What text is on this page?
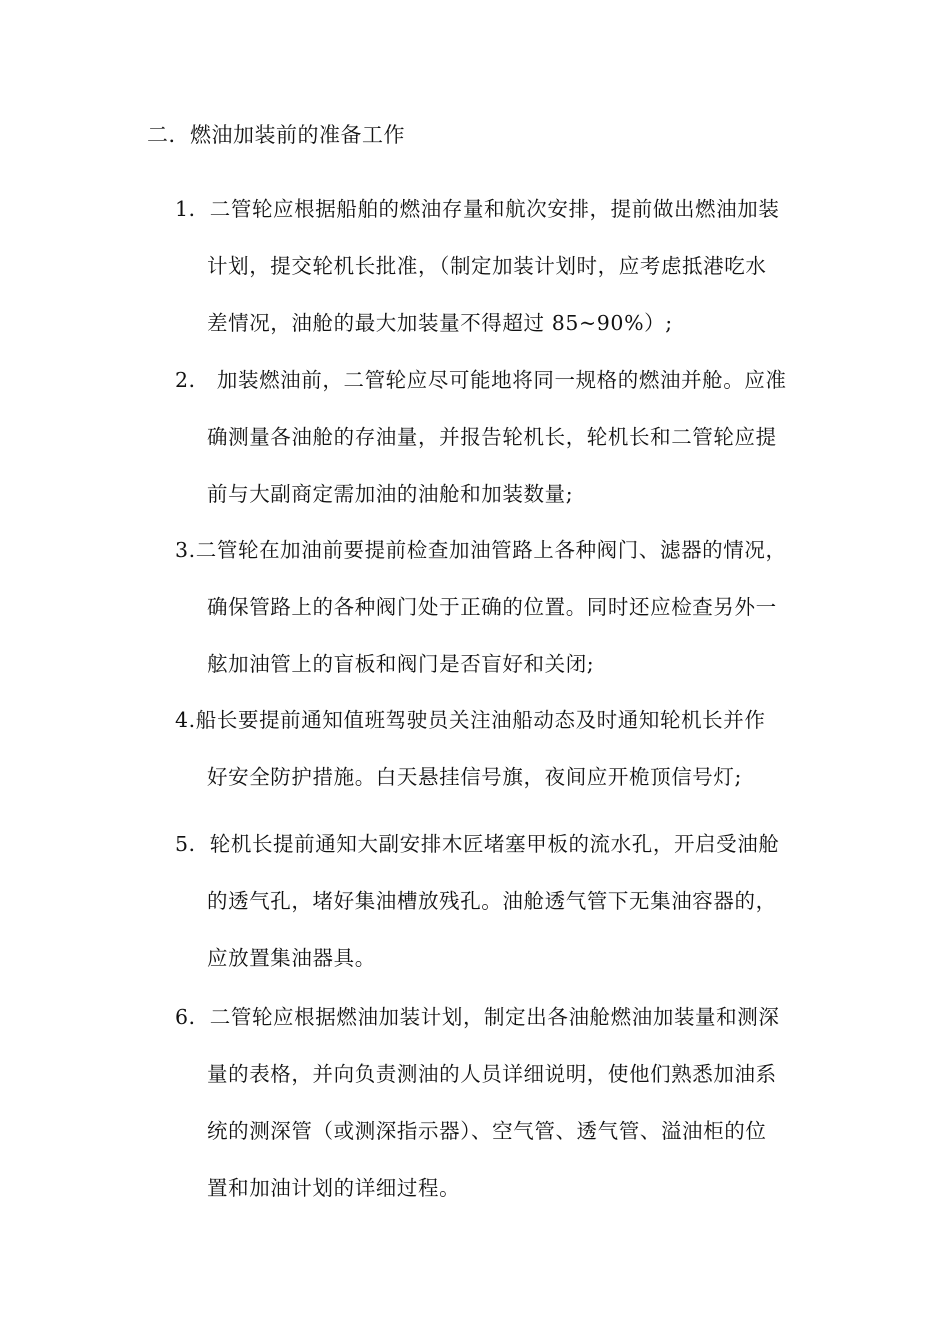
二．燃油加装前的准备工作
1．二管轮应根据船舶的燃油存量和航次安排，提前做出燃油加装
计划，提交轮机长批准，（制定加装计划时，应考虑抵港吃水
差情况，油舱的最大加装量不得超过 85~90%）;
2． 加装燃油前，二管轮应尽可能地将同一规格的燃油并舱。应准
确测量各油舱的存油量，并报告轮机长，轮机长和二管轮应提
前与大副商定需加油的油舱和加装数量;
3.二管轮在加油前要提前检查加油管路上各种阀门、滤器的情况，
确保管路上的各种阀门处于正确的位置。同时还应检查另外一
舷加油管上的盲板和阀门是否盲好和关闭;
4.船长要提前通知值班驾驶员关注油船动态及时通知轮机长并作
好安全防护措施。白天悬挂信号旗，夜间应开桅顶信号灯;
5．轮机长提前通知大副安排木匠堵塞甲板的流水孔，开启受油舱
的透气孔，堵好集油槽放残孔。油舱透气管下无集油容器的，
应放置集油器具。
6．二管轮应根据燃油加装计划，制定出各油舱燃油加装量和测深
量的表格，并向负责测油的人员详细说明，使他们熟悉加油系
统的测深管（或测深指示器）、空气管、透气管、溢油柜的位
置和加油计划的详细过程。
